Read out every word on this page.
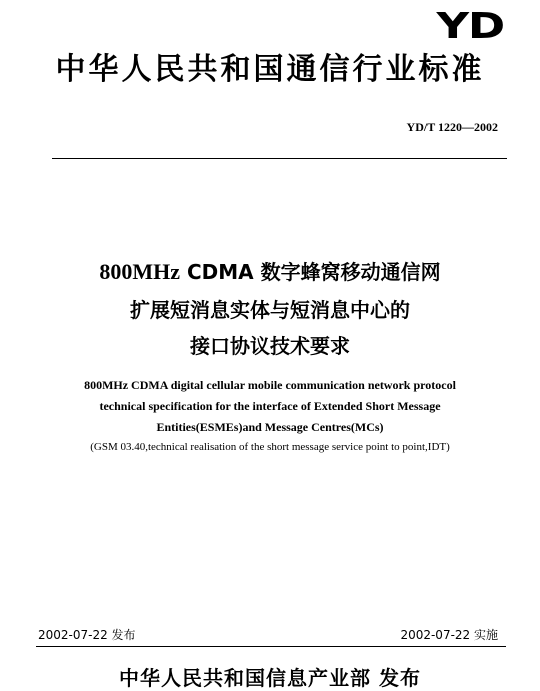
YD
中华人民共和国通信行业标准
YD/T 1220—2002
800MHz CDMA 数字蜂窝移动通信网
扩展短消息实体与短消息中心的
接口协议技术要求
800MHz CDMA digital cellular mobile communication network protocol
technical specification for the interface of Extended Short Message
Entities(ESMEs)and Message Centres(MCs)
(GSM 03.40,technical realisation of the short message service point to point,IDT)
2002-07-22 发布	2002-07-22 实施
中华人民共和国信息产业部 发布
